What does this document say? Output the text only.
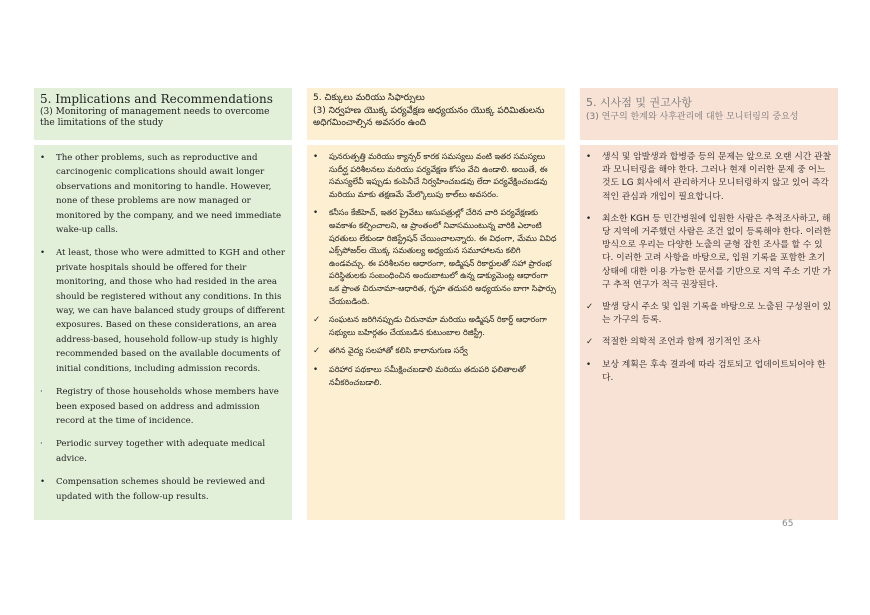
5. Implications and Recommendations
(3) Monitoring of management needs to overcome the limitations of the study
• The other problems, such as reproductive and carcinogenic complications should await longer observations and monitoring to handle. However, none of these problems are now managed or monitored by the company, and we need immediate wake-up calls.
• At least, those who were admitted to KGH and other private hospitals should be offered for their monitoring, and those who had resided in the area should be registered without any conditions. In this way, we can have balanced study groups of different exposures. Based on these considerations, an area address-based, household follow-up study is highly recommended based on the available documents of initial conditions, including admission records.
· Registry of those households whose members have been exposed based on address and admission record at the time of incidence.
· Periodic survey together with adequate medical advice.
• Compensation schemes should be reviewed and updated with the follow-up results.
5. చిక్కులు మరియు సిఫార్సులు
(3) నిర్వహణ యొక్క పర్యవేక్షణ అధ్యయనం యొక్క పరిమితులను అధిగమించాల్సిన అవసరం ఉంది
• పునరుత్పత్తి మరియు క్యాన్సర్ కారక సమస్యలు వంటి ఇతర సమస్యలు సుదీర్ఘ పరిశీలనలు మరియు పర్యవేక్షణ కోసం వేచి ఉండాలి. అయితే, ఈ సమస్యలేవీ ఇప్పుడు కంపెనీచే నిర్వహించబడవు లేదా పర్యవేక్షించబడవు మరియు మాకు తక్షణమే మేల్కొలుపు కాల్‌లు అవసరం.
• కనీసం కేజీహెచ్, ఇతర ప్రైవేటు ఆసుపత్రుల్లో చేరిన వారి పర్యవేక్షణకు అవకాశం కల్పించాలని, ఆ ప్రాంతంలో నివాసముంటున్న వారికి ఎలాంటి షరతులు లేకుండా రిజిస్ట్రేషన్ చేయించాలన్నారు. ఈ విధంగా, మేము వివిధ ఎక్స్‌పోజర్‌ల యొక్క సమతుల్య అధ్యయన సమూహాలను కలిగి ఉండవచ్చు. ఈ పరిశీలనల ఆధారంగా, అడ్మిషన్ రికార్డులతో సహా ప్రారంభ పరిస్థితులకు సంబంధించిన అందుబాటులో ఉన్న డాక్యుమెంట్ల ఆధారంగా ఒక ప్రాంత చిరునామా-ఆధారిత, గృహ తదుపరి అధ్యయనం బాగా సిఫార్సు చేయబడింది.
✓ సంఘటన జరిగినప్పుడు చిరునామా మరియు అడ్మిషన్ రికార్డ్ ఆధారంగా సభ్యులు బహిర్గతం చేయబడిన కుటుంబాల రిజిస్ట్రీ.
✓ తగిన వైద్య సలహాతో కలిసి కాలానుగుణ సర్వే
• పరిహార పథకాలు సమీక్షించబడాలి మరియు తదుపరి ఫలితాలతో నవీకరించబడాలి.
5. 시사점 및 권고사항
(3) 연구의 한계와 사후관리에 대한 모니터링의 중요성
• 생식 및 암발생과 합병증 등의 문제는 앞으로 오랜 시간 관찰과 모니터링을 해야 한다. 그러나 현재 이러한 문제 중 어느 것도 LG 회사에서 관리하거나 모니터링하지 않고 있어 즉각적인 관심과 개입이 필요합니다.
• 최소한 KGH 등 민간병원에 입원한 사람은 추적조사하고, 해당 지역에 거주했던 사람은 조건 없이 등록해야 한다. 이러한 방식으로 우리는 다양한 노출의 균형 잡힌 조사를 할 수 있다. 이러한 고려 사항을 바탕으로, 입원 기록을 포함한 초기 상태에 대한 이용 가능한 문서를 기반으로 지역 주소 기반 가구 추적 연구가 적극 권장된다.
✓ 발생 당시 주소 및 입원 기록을 바탕으로 노출된 구성원이 있는 가구의 등록.
✓ 적절한 의학적 조언과 함께 정기적인 조사
• 보상 계획은 후속 결과에 따라 검토되고 업데이트되어야 한다.
65
